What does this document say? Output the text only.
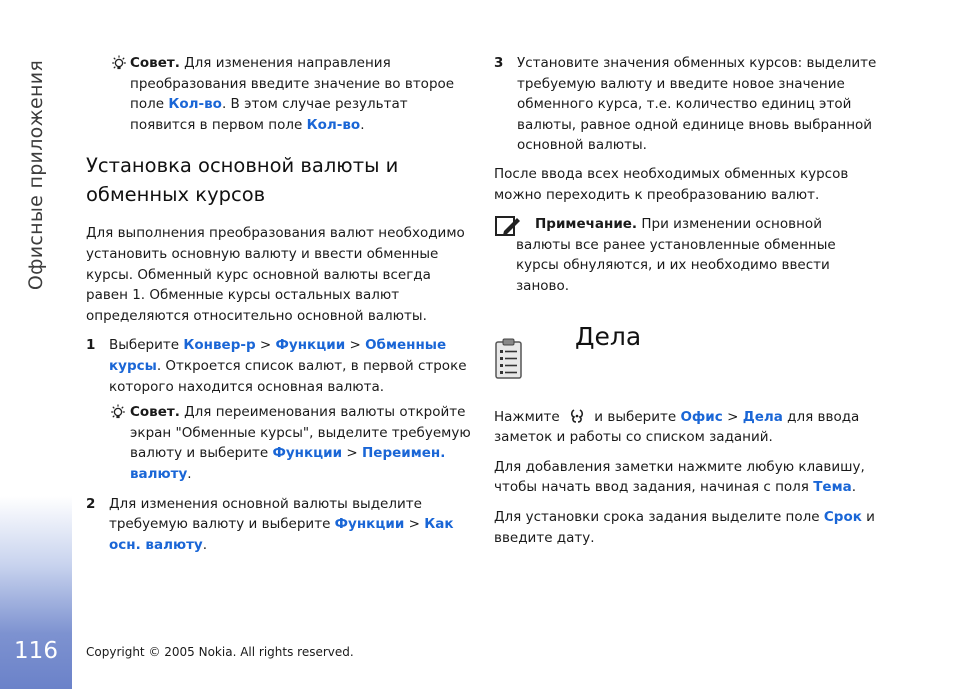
Офисные приложения
116
Совет. Для изменения направления преобразования введите значение во второе поле Кол-во. В этом случае результат появится в первом поле Кол-во.
Установка основной валюты и обменных курсов

Для выполнения преобразования валют необходимо установить основную валюту и ввести обменные курсы. Обменный курс основной валюты всегда равен 1. Обменные курсы остальных валют определяются относительно основной валюты.

1 Выберите Конвер-р > Функции > Обменные курсы. Откроется список валют, в первой строке которого находится основная валюта.
Совет. Для переименования валюты откройте экран "Обменные курсы", выделите требуемую валюту и выберите Функции > Переимен. валюту.
2 Для изменения основной валюты выделите требуемую валюту и выберите Функции > Как осн. валюту.
3 Установите значения обменных курсов: выделите требуемую валюту и введите новое значение обменного курса, т.е. количество единиц этой валюты, равное одной единице вновь выбранной основной валюты.

После ввода всех необходимых обменных курсов можно переходить к преобразованию валют.

Примечание. При изменении основной валюты все ранее установленные обменные курсы обнуляются, и их необходимо ввести заново.
Дела

Нажмите  и выберите Офис > Дела для ввода заметок и работы со списком заданий.

Для добавления заметки нажмите любую клавишу, чтобы начать ввод задания, начиная с поля Тема.

Для установки срока задания выделите поле Срок и введите дату.

Copyright © 2005 Nokia. All rights reserved.
